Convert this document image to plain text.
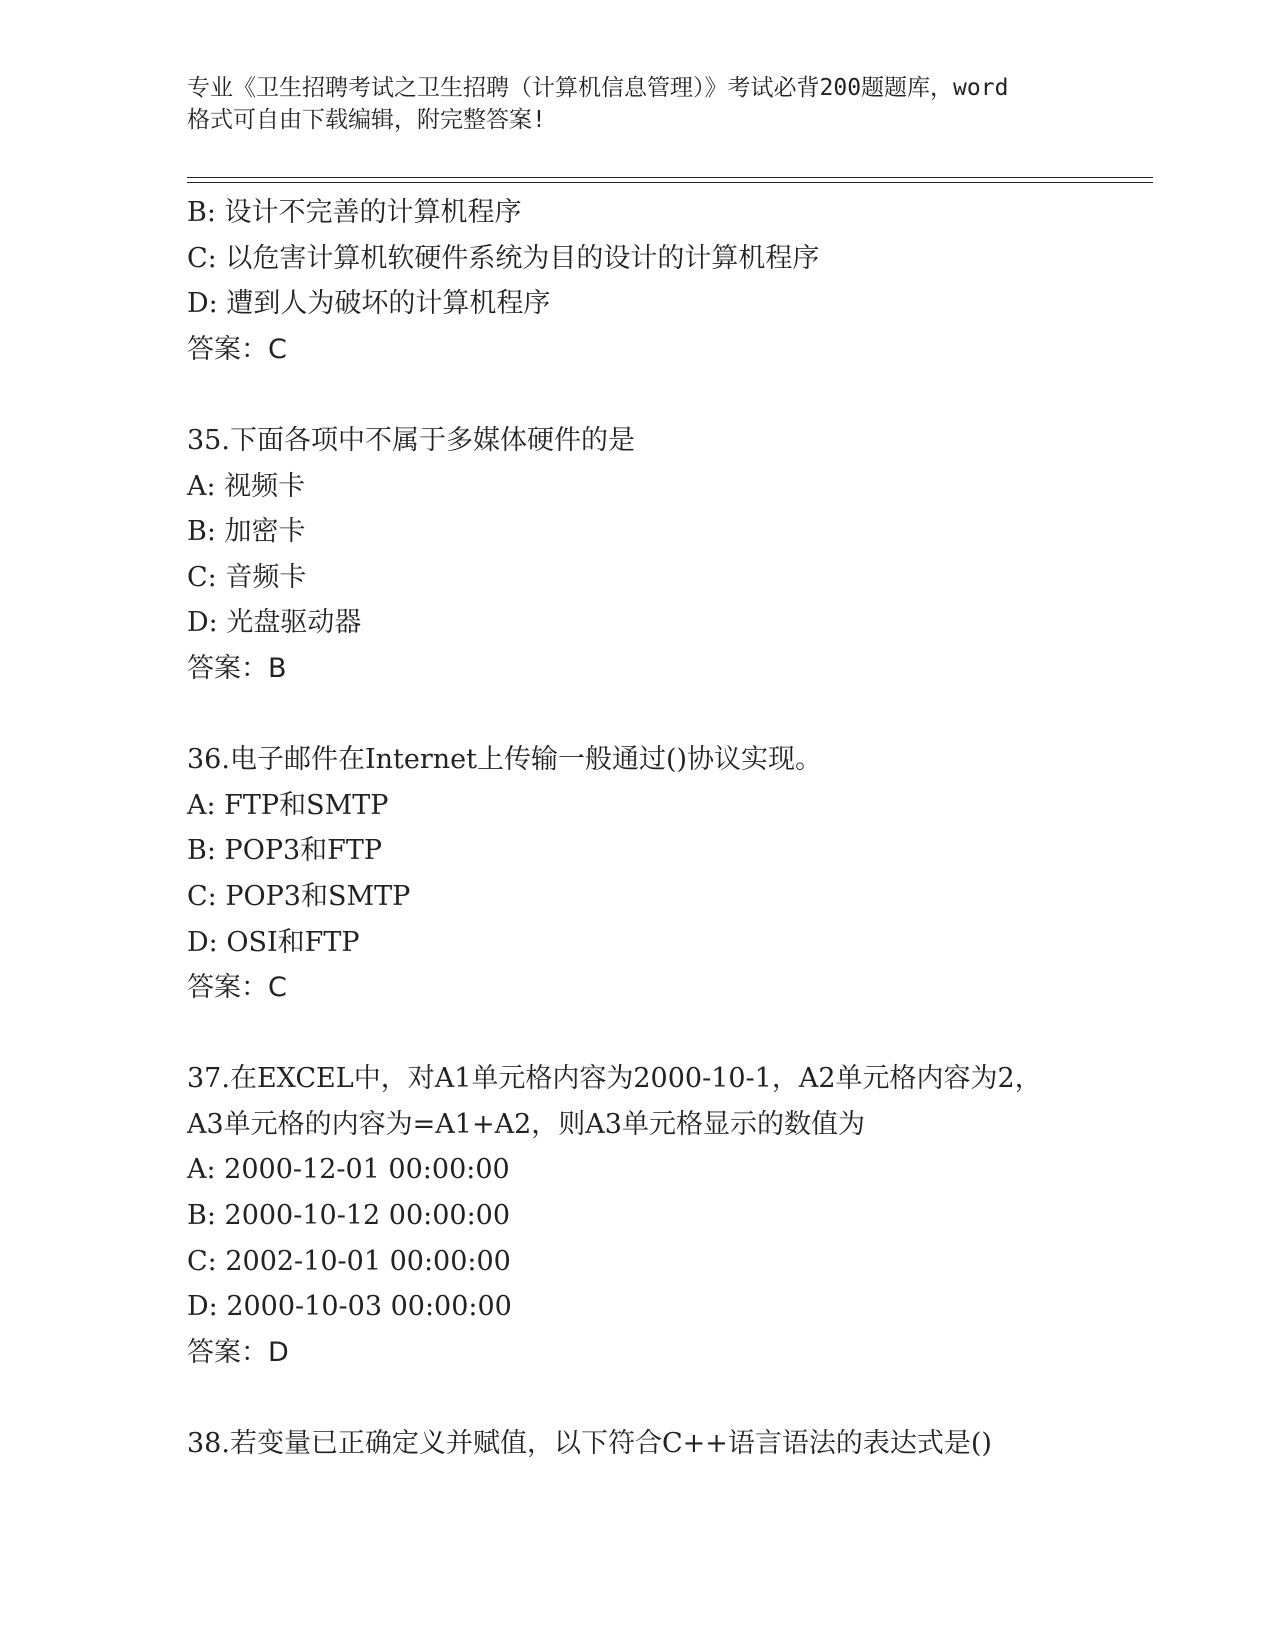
专业《卫生招聘考试之卫生招聘（计算机信息管理）》考试必背200题题库，word
格式可自由下载编辑，附完整答案!
B: 设计不完善的计算机程序
C: 以危害计算机软硬件系统为目的设计的计算机程序
D: 遭到人为破坏的计算机程序
答案：C
35.下面各项中不属于多媒体硬件的是
A: 视频卡
B: 加密卡
C: 音频卡
D: 光盘驱动器
答案：B
36.电子邮件在Internet上传输一般通过()协议实现。
A: FTP和SMTP
B: POP3和FTP
C: POP3和SMTP
D: OSI和FTP
答案：C
37.在EXCEL中，对A1单元格内容为2000-10-1，A2单元格内容为2，
A3单元格的内容为=A1+A2，则A3单元格显示的数值为
A: 2000-12-01 00:00:00
B: 2000-10-12 00:00:00
C: 2002-10-01 00:00:00
D: 2000-10-03 00:00:00
答案：D
38.若变量已正确定义并赋值，以下符合C++语言语法的表达式是()
